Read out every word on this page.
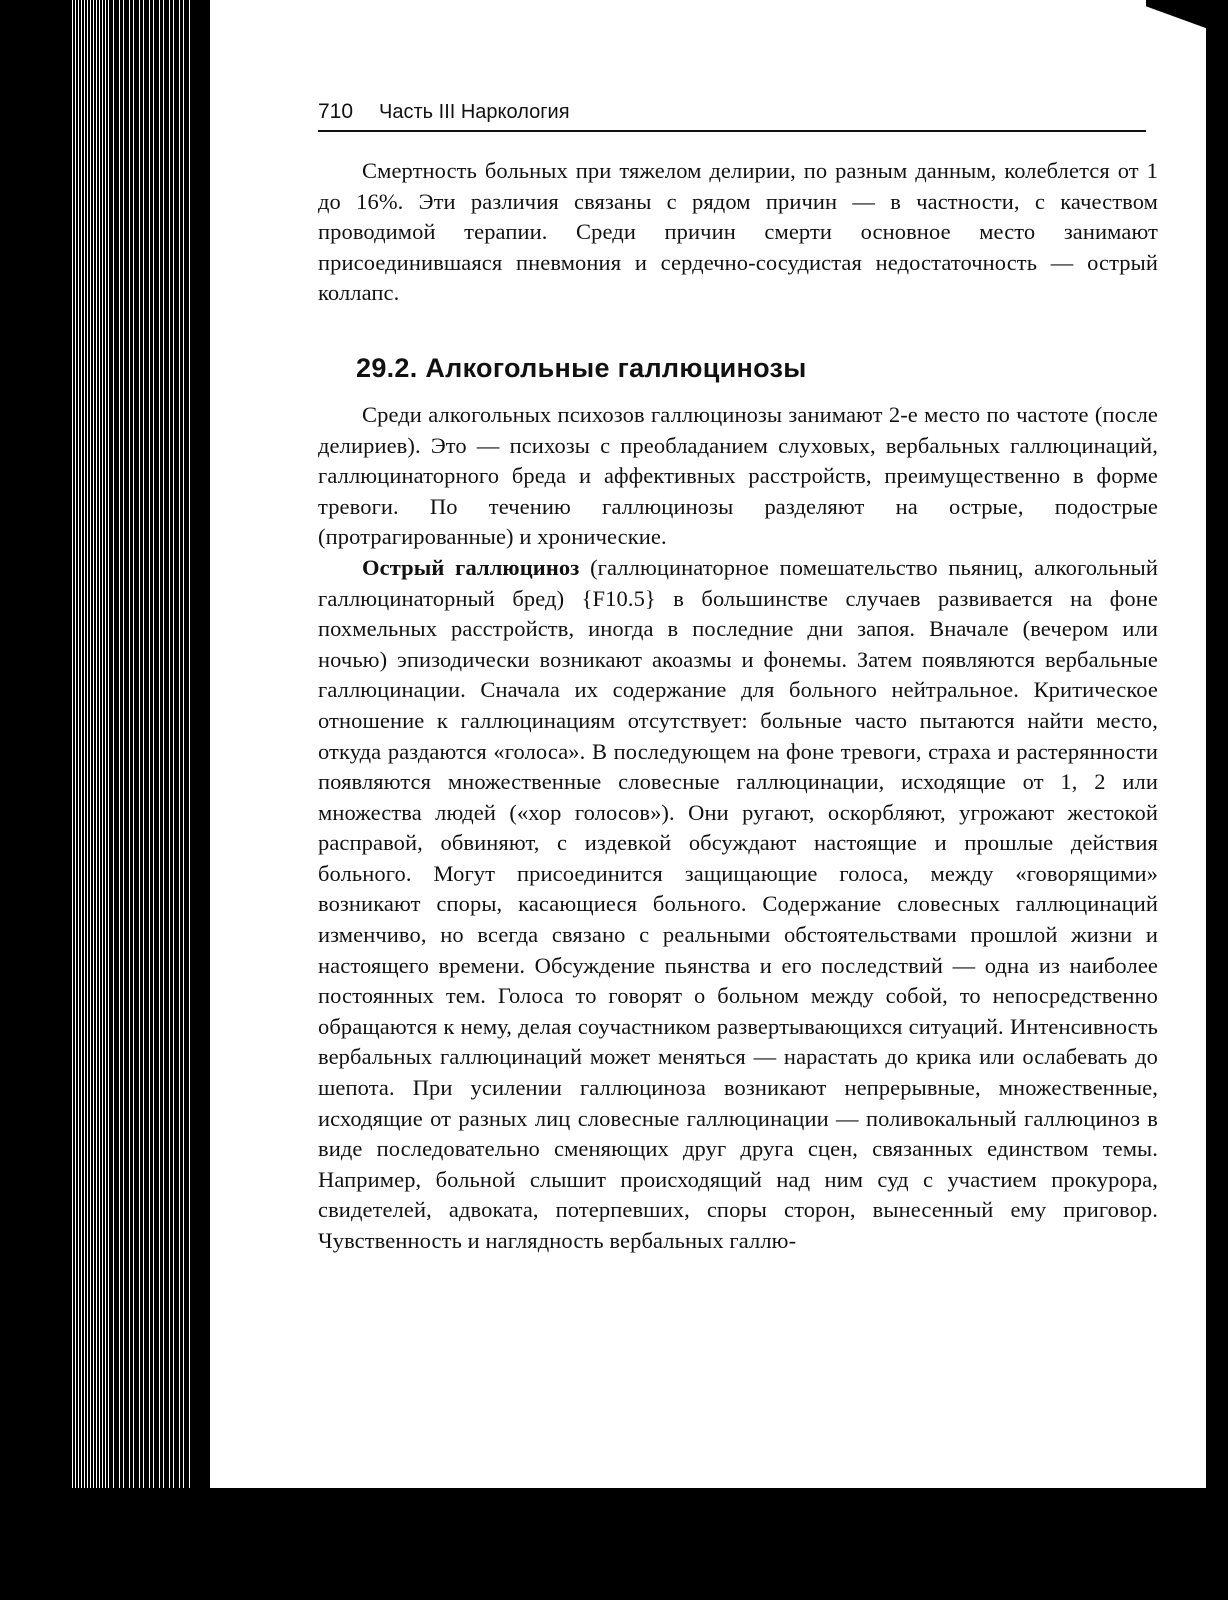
710 Часть III Наркология

Смертность больных при тяжелом делирии, по разным данным, колеблется от 1 до 16%. Эти различия связаны с рядом причин — в частности, с качеством проводимой терапии. Среди причин смерти основное место занимают присоединившаяся пневмония и сердечно-сосудистая недостаточность — острый коллапс.

29.2. Алкогольные галлюцинозы

Среди алкогольных психозов галлюцинозы занимают 2-е место по частоте (после делириев). Это — психозы с преобладанием слуховых, вербальных галлюцинаций, галлюцинаторного бреда и аффективных расстройств, преимущественно в форме тревоги. По течению галлюцинозы разделяют на острые, подострые (протрагированные) и хронические.

Острый галлюциноз (галлюцинаторное помешательство пьяниц, алкогольный галлюцинаторный бред) {F10.5} в большинстве случаев развивается на фоне похмельных расстройств, иногда в последние дни запоя. Вначале (вечером или ночью) эпизодически возникают акоазмы и фонемы. Затем появляются вербальные галлюцинации. Сначала их содержание для больного нейтральное. Критическое отношение к галлюцинациям отсутствует: больные часто пытаются найти место, откуда раздаются «голоса». В последующем на фоне тревоги, страха и растерянности появляются множественные словесные галлюцинации, исходящие от 1, 2 или множества людей («хор голосов»). Они ругают, оскорбляют, угрожают жестокой расправой, обвиняют, с издевкой обсуждают настоящие и прошлые действия больного. Могут присоединится защищающие голоса, между «говорящими» возникают споры, касающиеся больного. Содержание словесных галлюцинаций изменчиво, но всегда связано с реальными обстоятельствами прошлой жизни и настоящего времени. Обсуждение пьянства и его последствий — одна из наиболее постоянных тем. Голоса то говорят о больном между собой, то непосредственно обращаются к нему, делая соучастником развертывающихся ситуаций. Интенсивность вербальных галлюцинаций может меняться — нарастать до крика или ослабевать до шепота. При усилении галлюциноза возникают непрерывные, множественные, исходящие от разных лиц словесные галлюцинации — поливокальный галлюциноз в виде последовательно сменяющих друг друга сцен, связанных единством темы. Например, больной слышит происходящий над ним суд с участием прокурора, свидетелей, адвоката, потерпевших, споры сторон, вынесенный ему приговор. Чувственность и наглядность вербальных галлю-
